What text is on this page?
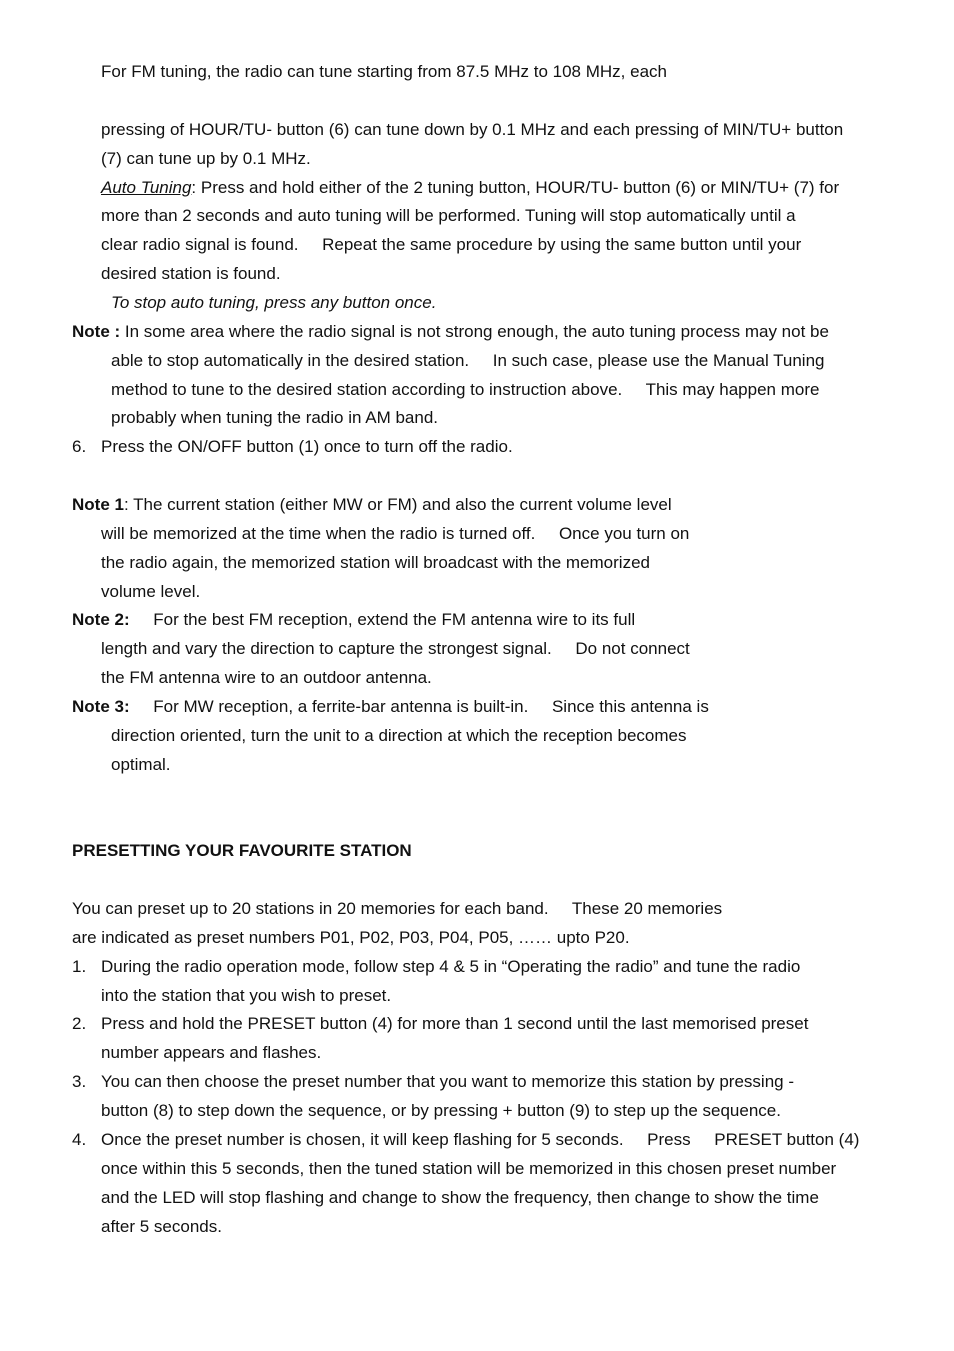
For FM tuning, the radio can tune starting from 87.5 MHz to 108 MHz, each
pressing of HOUR/TU- button (6) can tune down by 0.1 MHz and each pressing of MIN/TU+ button
(7) can tune up by 0.1 MHz.
Auto Tuning: Press and hold either of the 2 tuning button, HOUR/TU- button (6) or MIN/TU+ (7) for
more than 2 seconds and auto tuning will be performed. Tuning will stop automatically until a
clear radio signal is found.     Repeat the same procedure by using the same button until your
desired station is found.
To stop auto tuning, press any button once.
Note : In some area where the radio signal is not strong enough, the auto tuning process may not be
able to stop automatically in the desired station.     In such case, please use the Manual Tuning
method to tune to the desired station according to instruction above.     This may happen more
probably when tuning the radio in AM band.
6. Press the ON/OFF button (1) once to turn off the radio.
Note 1: The current station (either MW or FM) and also the current volume level
will be memorized at the time when the radio is turned off.     Once you turn on
the radio again, the memorized station will broadcast with the memorized
volume level.
Note 2:     For the best FM reception, extend the FM antenna wire to its full
length and vary the direction to capture the strongest signal.     Do not connect
the FM antenna wire to an outdoor antenna.
Note 3:     For MW reception, a ferrite-bar antenna is built-in.     Since this antenna is
direction oriented, turn the unit to a direction at which the reception becomes
optimal.
PRESETTING YOUR FAVOURITE STATION
You can preset up to 20 stations in 20 memories for each band.     These 20 memories
are indicated as preset numbers P01, P02, P03, P04, P05, …… upto P20.
1. During the radio operation mode, follow step 4 & 5 in “Operating the radio” and tune the radio
into the station that you wish to preset.
2. Press and hold the PRESET button (4) for more than 1 second until the last memorised preset
number appears and flashes.
3. You can then choose the preset number that you want to memorize this station by pressing -
button (8) to step down the sequence, or by pressing + button (9) to step up the sequence.
4. Once the preset number is chosen, it will keep flashing for 5 seconds.     Press     PRESET button (4)
once within this 5 seconds, then the tuned station will be memorized in this chosen preset number
and the LED will stop flashing and change to show the frequency, then change to show the time
after 5 seconds.
